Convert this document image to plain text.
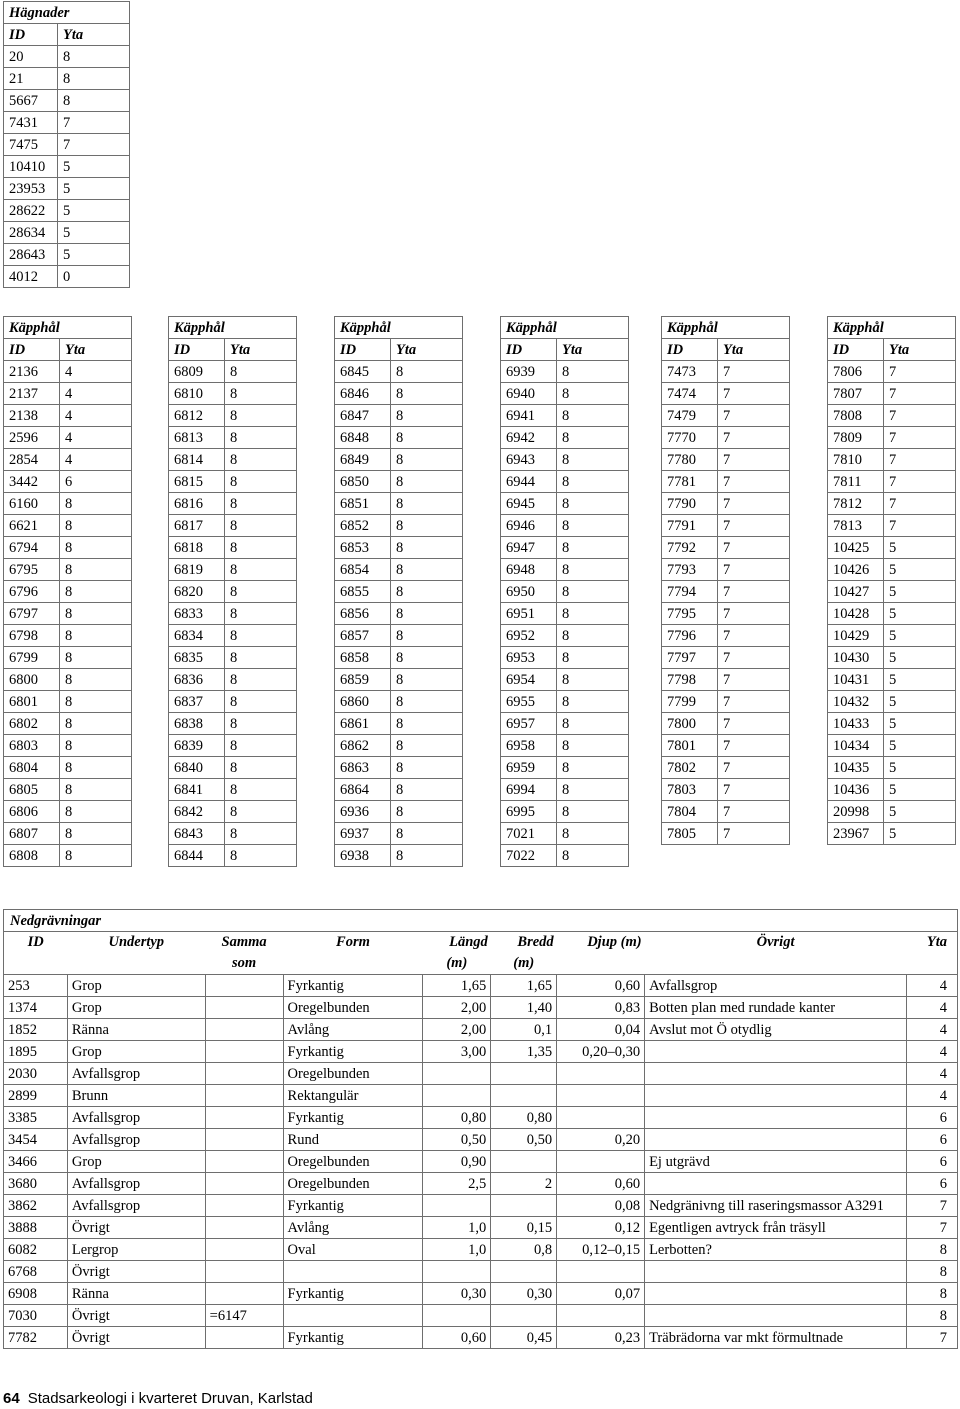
Hägnader	
ID	Yta
20	8
21	8
5667	8
7431	7
7475	7
10410	5
23953	5
28622	5
28634	5
28643	5
4012	0
Käpphål	
ID	Yta
2136	4
2137	4
2138	4
2596	4
2854	4
3442	6
6160	8
6621	8
6794	8
6795	8
6796	8
6797	8
6798	8
6799	8
6800	8
6801	8
6802	8
6803	8
6804	8
6805	8
6806	8
6807	8
6808	8
Käpphål	
ID	Yta
6809	8
6810	8
6812	8
6813	8
6814	8
6815	8
6816	8
6817	8
6818	8
6819	8
6820	8
6833	8
6834	8
6835	8
6836	8
6837	8
6838	8
6839	8
6840	8
6841	8
6842	8
6843	8
6844	8
Käpphål	
ID	Yta
6845	8
6846	8
6847	8
6848	8
6849	8
6850	8
6851	8
6852	8
6853	8
6854	8
6855	8
6856	8
6857	8
6858	8
6859	8
6860	8
6861	8
6862	8
6863	8
6864	8
6936	8
6937	8
6938	8
Käpphål	
ID	Yta
6939	8
6940	8
6941	8
6942	8
6943	8
6944	8
6945	8
6946	8
6947	8
6948	8
6950	8
6951	8
6952	8
6953	8
6954	8
6955	8
6957	8
6958	8
6959	8
6994	8
6995	8
7021	8
7022	8
Käpphål	
ID	Yta
7473	7
7474	7
7479	7
7770	7
7780	7
7781	7
7790	7
7791	7
7792	7
7793	7
7794	7
7795	7
7796	7
7797	7
7798	7
7799	7
7800	7
7801	7
7802	7
7803	7
7804	7
7805	7
Käpphål	
ID	Yta
7806	7
7807	7
7808	7
7809	7
7810	7
7811	7
7812	7
7813	7
10425	5
10426	5
10427	5
10428	5
10429	5
10430	5
10431	5
10432	5
10433	5
10434	5
10435	5
10436	5
20998	5
23967	5
Nedgrävningar								
ID	Undertyp	Samma	Form	Längd	Bredd	Djup (m)	Övrigt	Yta
		som		(m)	(m)			
253	Grop		Fyrkantig	1,65	1,65	0,60	Avfallsgrop	4
1374	Grop		Oregelbunden	2,00	1,40	0,83	Botten plan med rundade kanter	4
1852	Ränna		Avlång	2,00	0,1	0,04	Avslut mot Ö otydlig	4
1895	Grop		Fyrkantig	3,00	1,35	0,20–0,30		4
2030	Avfallsgrop		Oregelbunden					4
2899	Brunn		Rektangulär					4
3385	Avfallsgrop		Fyrkantig	0,80	0,80			6
3454	Avfallsgrop		Rund	0,50	0,50	0,20		6
3466	Grop		Oregelbunden	0,90			Ej utgrävd	6
3680	Avfallsgrop		Oregelbunden	2,5	2	0,60		6
3862	Avfallsgrop		Fyrkantig			0,08	Nedgränivng till raseringsmassor A3291	7
3888	Övrigt		Avlång	1,0	0,15	0,12	Egentligen avtryck från träsyll	7
6082	Lergrop		Oval	1,0	0,8	0,12–0,15	Lerbotten?	8
6768	Övrigt							8
6908	Ränna		Fyrkantig	0,30	0,30	0,07		8
7030	Övrigt	=6147						8
7782	Övrigt		Fyrkantig	0,60	0,45	0,23	Träbrädorna var mkt förmultnade	7
64 Stadsarkeologi i kvarteret Druvan, Karlstad
